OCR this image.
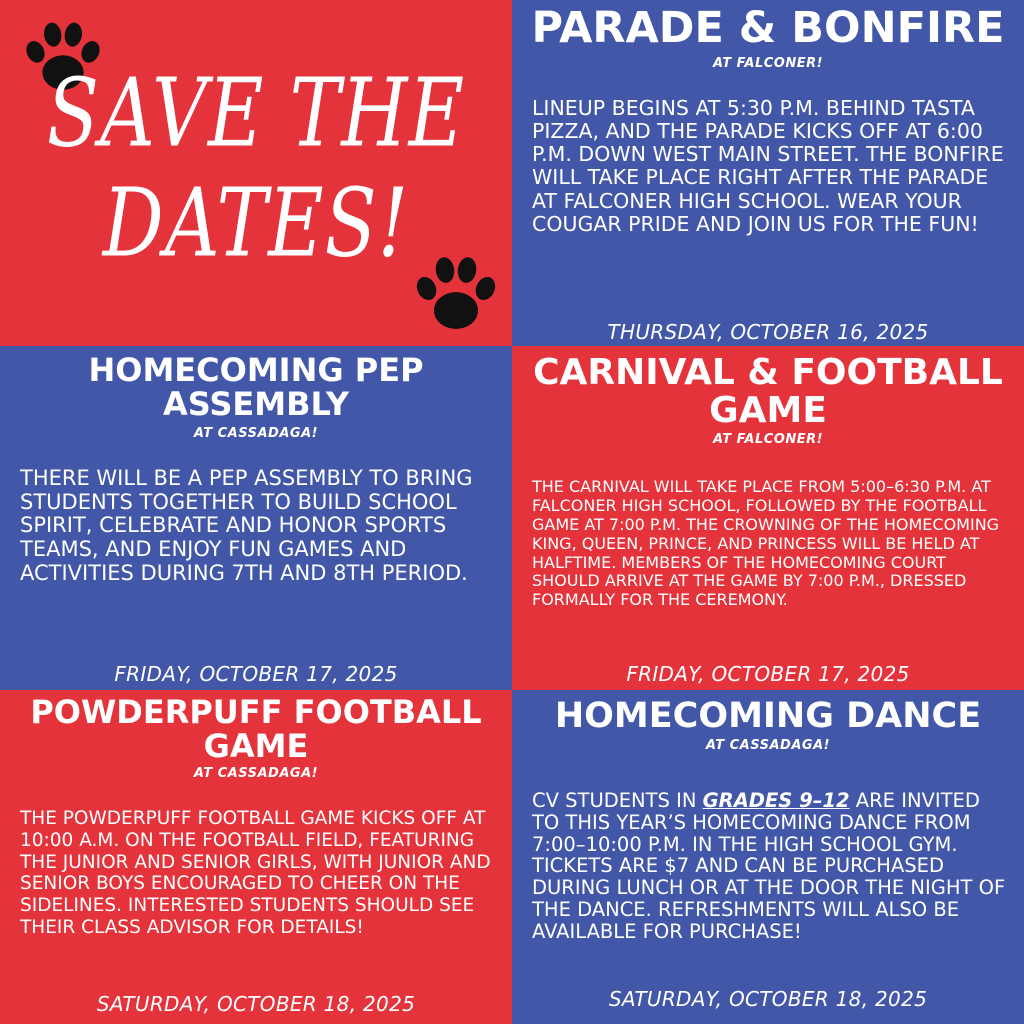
SAVE THE
DATES!
PARADE & BONFIRE
AT FALCONER!
LINEUP BEGINS AT 5:30 P.M. BEHIND TASTA PIZZA, AND THE PARADE KICKS OFF AT 6:00 P.M. DOWN WEST MAIN STREET. THE BONFIRE WILL TAKE PLACE RIGHT AFTER THE PARADE AT FALCONER HIGH SCHOOL. WEAR YOUR COUGAR PRIDE AND JOIN US FOR THE FUN!
THURSDAY, OCTOBER 16, 2025
HOMECOMING PEP ASSEMBLY
AT CASSADAGA!
THERE WILL BE A PEP ASSEMBLY TO BRING STUDENTS TOGETHER TO BUILD SCHOOL SPIRIT, CELEBRATE AND HONOR SPORTS TEAMS, AND ENJOY FUN GAMES AND ACTIVITIES DURING 7TH AND 8TH PERIOD.
FRIDAY, OCTOBER 17, 2025
CARNIVAL & FOOTBALL GAME
AT FALCONER!
THE CARNIVAL WILL TAKE PLACE FROM 5:00–6:30 P.M. AT FALCONER HIGH SCHOOL, FOLLOWED BY THE FOOTBALL GAME AT 7:00 P.M. THE CROWNING OF THE HOMECOMING KING, QUEEN, PRINCE, AND PRINCESS WILL BE HELD AT HALFTIME. MEMBERS OF THE HOMECOMING COURT SHOULD ARRIVE AT THE GAME BY 7:00 P.M., DRESSED FORMALLY FOR THE CEREMONY.
FRIDAY, OCTOBER 17, 2025
POWDERPUFF FOOTBALL GAME
AT CASSADAGA!
THE POWDERPUFF FOOTBALL GAME KICKS OFF AT 10:00 A.M. ON THE FOOTBALL FIELD, FEATURING THE JUNIOR AND SENIOR GIRLS, WITH JUNIOR AND SENIOR BOYS ENCOURAGED TO CHEER ON THE SIDELINES. INTERESTED STUDENTS SHOULD SEE THEIR CLASS ADVISOR FOR DETAILS!
SATURDAY, OCTOBER 18, 2025
HOMECOMING DANCE
AT CASSADAGA!
CV STUDENTS IN GRADES 9–12 ARE INVITED TO THIS YEAR’S HOMECOMING DANCE FROM 7:00–10:00 P.M. IN THE HIGH SCHOOL GYM. TICKETS ARE $7 AND CAN BE PURCHASED DURING LUNCH OR AT THE DOOR THE NIGHT OF THE DANCE. REFRESHMENTS WILL ALSO BE AVAILABLE FOR PURCHASE!
SATURDAY, OCTOBER 18, 2025
